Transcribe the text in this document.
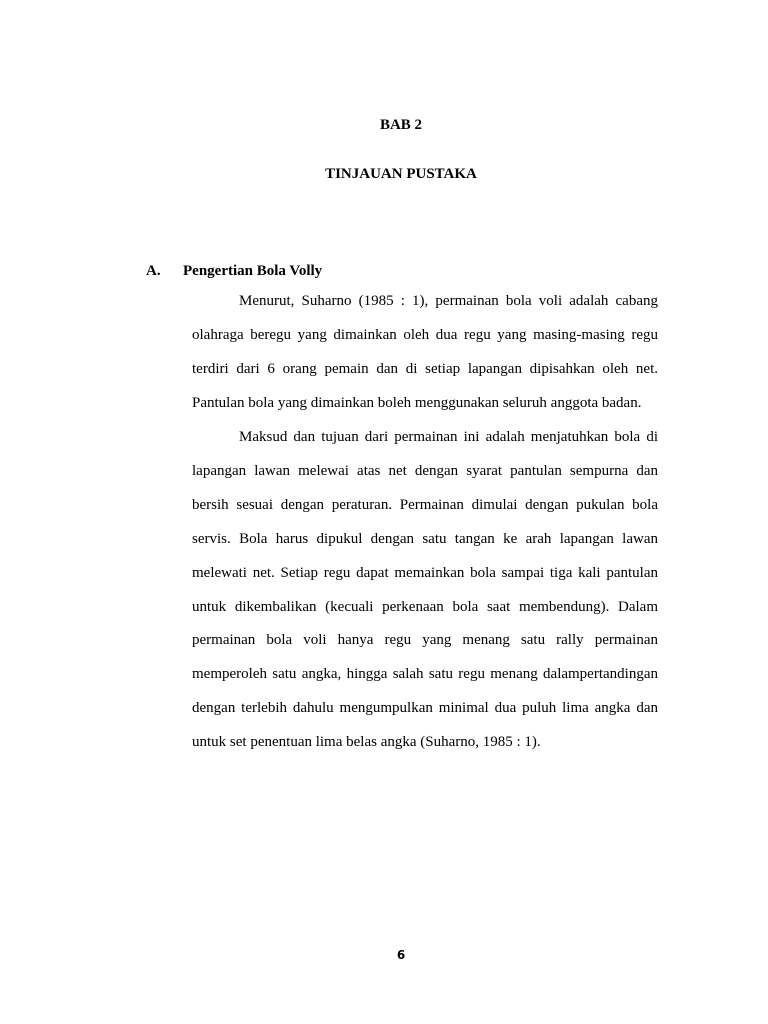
BAB 2
TINJAUAN PUSTAKA
A. Pengertian Bola Volly

Menurut, Suharno (1985 : 1), permainan bola voli adalah cabang olahraga beregu yang dimainkan oleh dua regu yang masing-masing regu terdiri dari 6 orang pemain dan di setiap lapangan dipisahkan oleh net. Pantulan bola yang dimainkan boleh menggunakan seluruh anggota badan.

Maksud dan tujuan dari permainan ini adalah menjatuhkan bola di lapangan lawan melewai atas net dengan syarat pantulan sempurna dan bersih sesuai dengan peraturan. Permainan dimulai dengan pukulan bola servis. Bola harus dipukul dengan satu tangan ke arah lapangan lawan melewati net. Setiap regu dapat memainkan bola sampai tiga kali pantulan untuk dikembalikan (kecuali perkenaan bola saat membendung). Dalam permainan bola voli hanya regu yang menang satu rally permainan memperoleh satu angka, hingga salah satu regu menang dalampertandingan dengan terlebih dahulu mengumpulkan minimal dua puluh lima angka dan untuk set penentuan lima belas angka (Suharno, 1985 : 1).

6
